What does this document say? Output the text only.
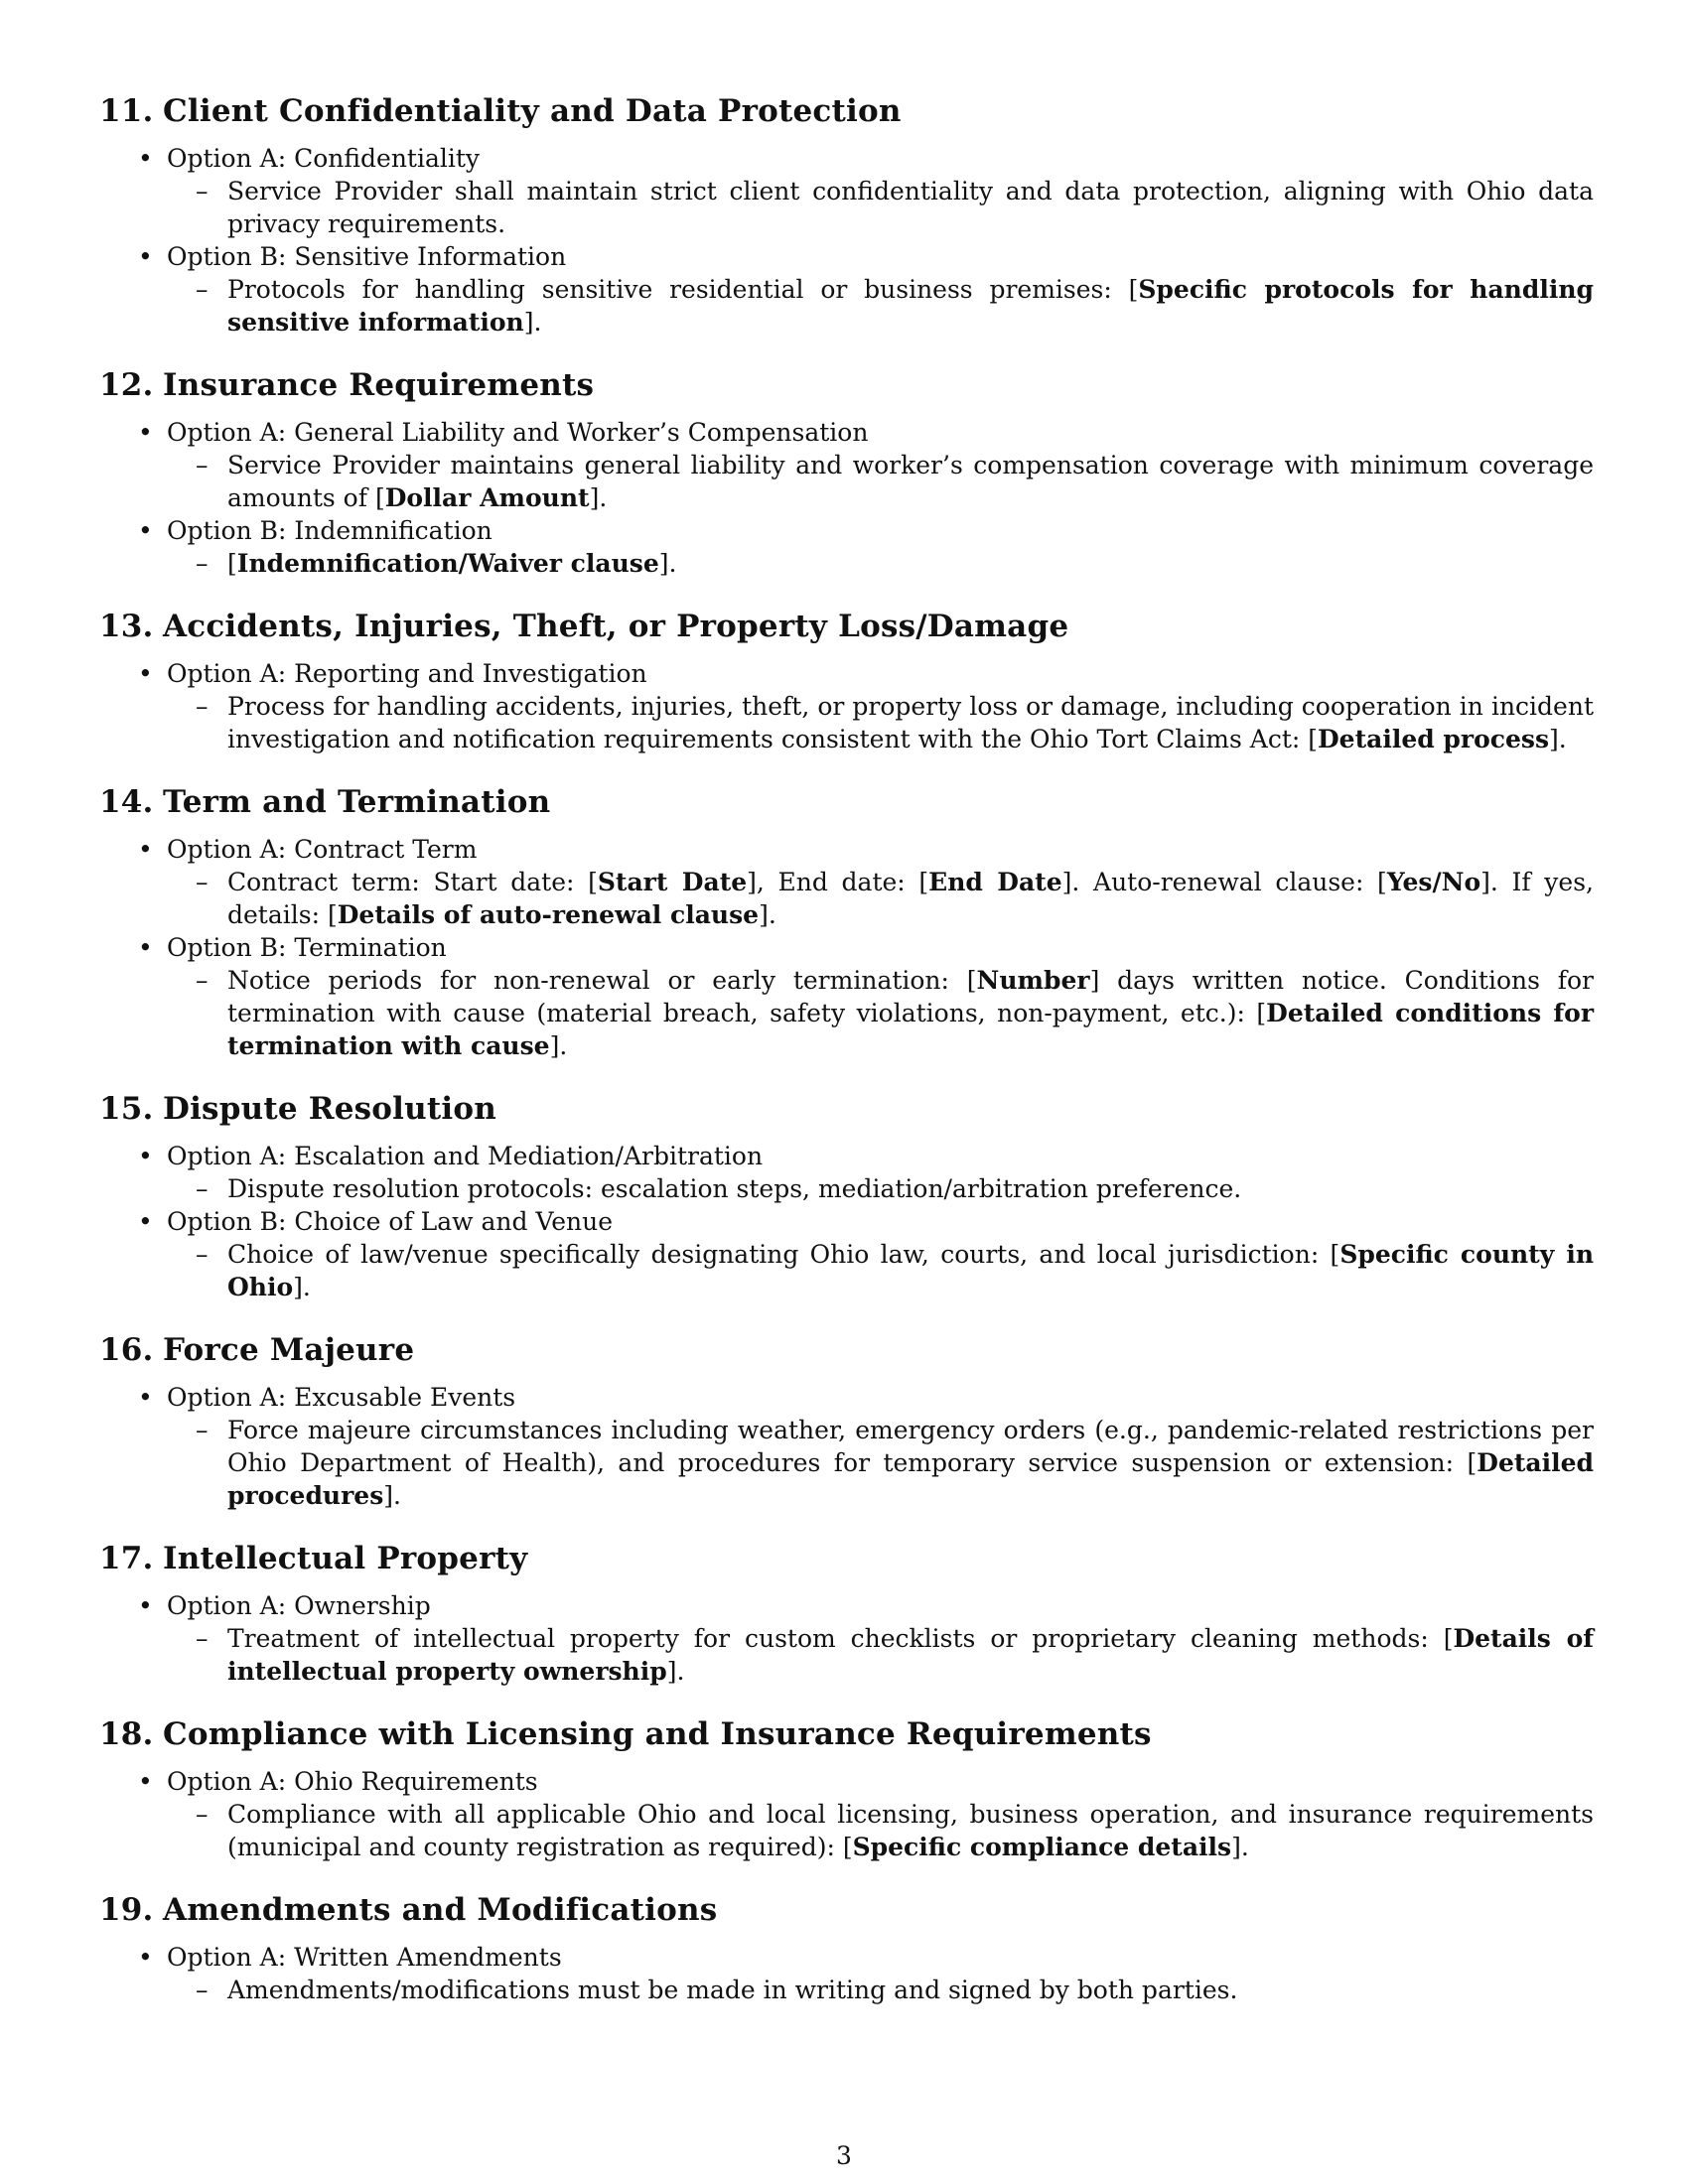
11. Client Confidentiality and Data Protection
• Option A: Confidentiality
– Service Provider shall maintain strict client confidentiality and data protection, aligning with Ohio data privacy requirements.
• Option B: Sensitive Information
– Protocols for handling sensitive residential or business premises: [Specific protocols for handling sensitive information].
12. Insurance Requirements
• Option A: General Liability and Worker’s Compensation
– Service Provider maintains general liability and worker’s compensation coverage with minimum coverage amounts of [Dollar Amount].
• Option B: Indemnification
– [Indemnification/Waiver clause].
13. Accidents, Injuries, Theft, or Property Loss/Damage
• Option A: Reporting and Investigation
– Process for handling accidents, injuries, theft, or property loss or damage, including cooperation in incident investigation and notification requirements consistent with the Ohio Tort Claims Act: [Detailed process].
14. Term and Termination
• Option A: Contract Term
– Contract term: Start date: [Start Date], End date: [End Date]. Auto-renewal clause: [Yes/No]. If yes, details: [Details of auto-renewal clause].
• Option B: Termination
– Notice periods for non-renewal or early termination: [Number] days written notice. Conditions for termination with cause (material breach, safety violations, non-payment, etc.): [Detailed conditions for termination with cause].
15. Dispute Resolution
• Option A: Escalation and Mediation/Arbitration
– Dispute resolution protocols: escalation steps, mediation/arbitration preference.
• Option B: Choice of Law and Venue
– Choice of law/venue specifically designating Ohio law, courts, and local jurisdiction: [Specific county in Ohio].
16. Force Majeure
• Option A: Excusable Events
– Force majeure circumstances including weather, emergency orders (e.g., pandemic-related restrictions per Ohio Department of Health), and procedures for temporary service suspension or extension: [Detailed procedures].
17. Intellectual Property
• Option A: Ownership
– Treatment of intellectual property for custom checklists or proprietary cleaning methods: [Details of intellectual property ownership].
18. Compliance with Licensing and Insurance Requirements
• Option A: Ohio Requirements
– Compliance with all applicable Ohio and local licensing, business operation, and insurance requirements (municipal and county registration as required): [Specific compliance details].
19. Amendments and Modifications
• Option A: Written Amendments
– Amendments/modifications must be made in writing and signed by both parties.
3
